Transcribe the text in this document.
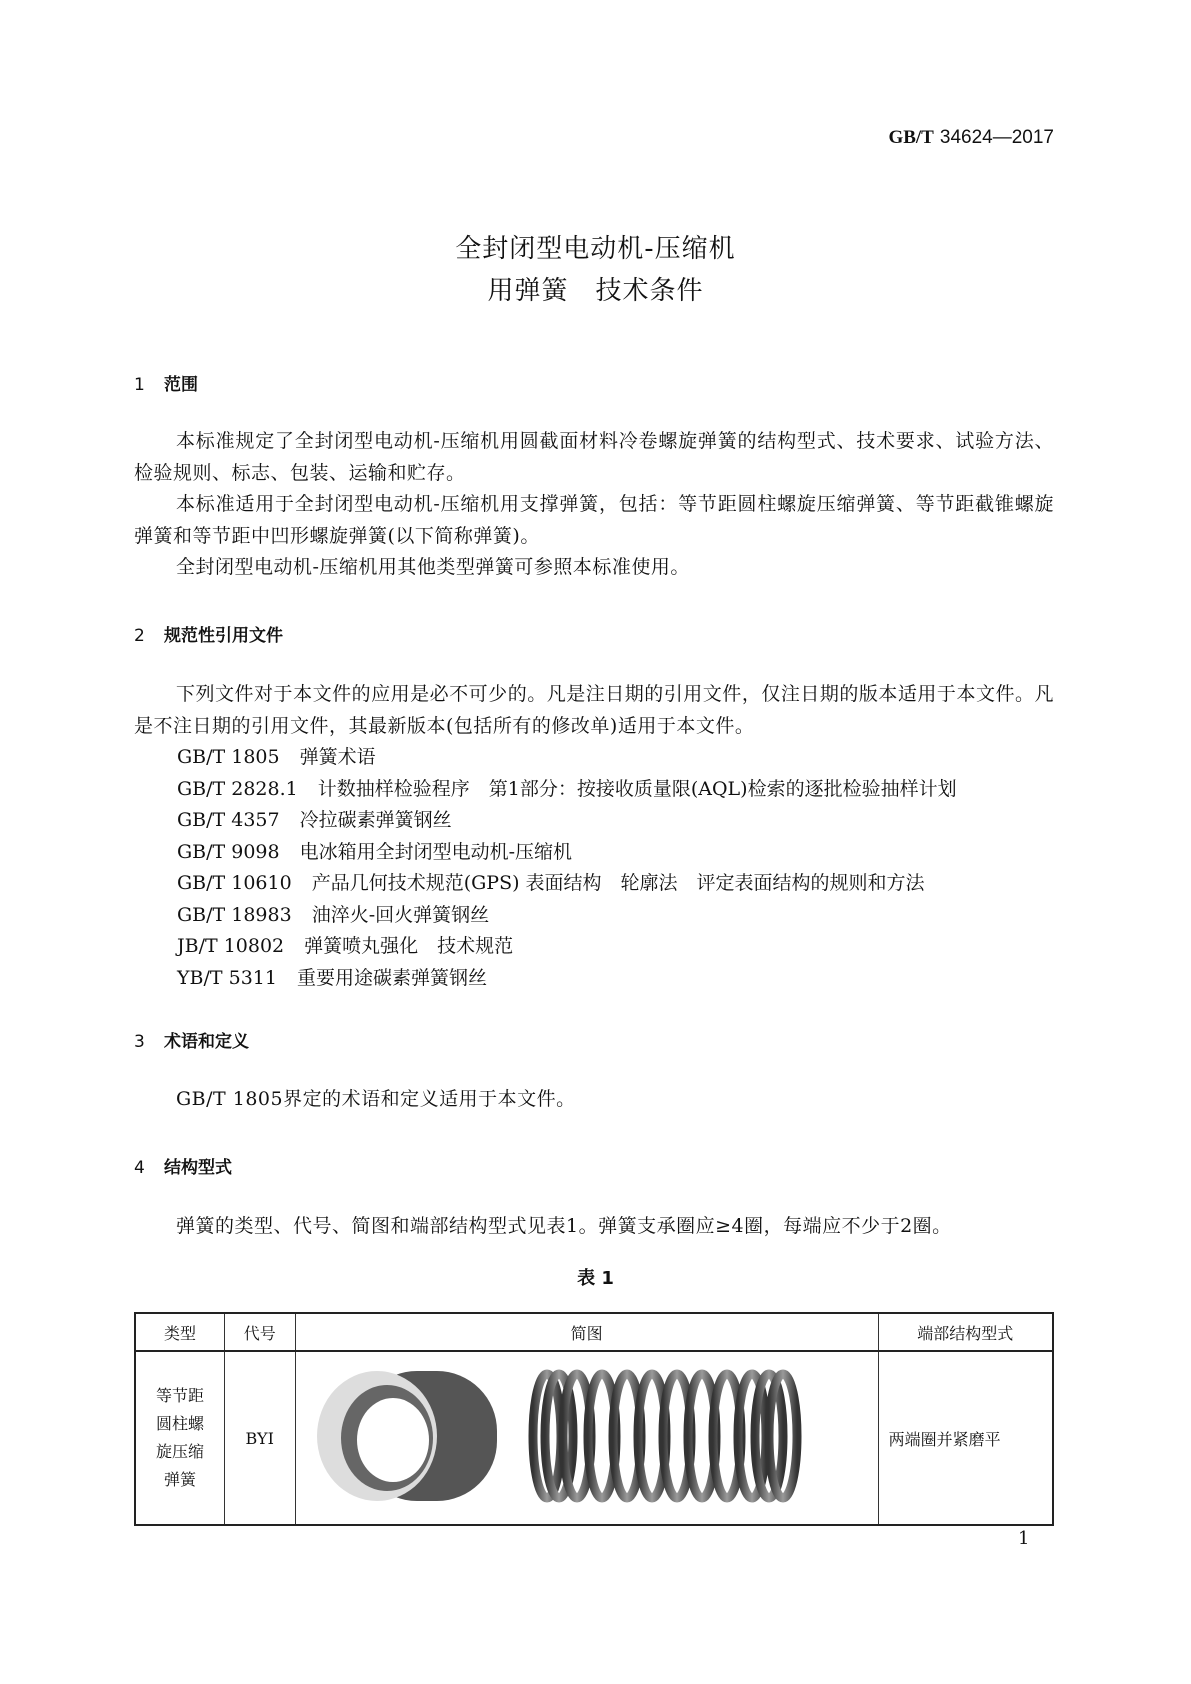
GB/T 34624—2017
全封闭型电动机-压缩机
用弹簧　技术条件
1 范围
本标准规定了全封闭型电动机-压缩机用圆截面材料冷卷螺旋弹簧的结构型式、技术要求、试验方法、检验规则、标志、包装、运输和贮存。
本标准适用于全封闭型电动机-压缩机用支撑弹簧，包括：等节距圆柱螺旋压缩弹簧、等节距截锥螺旋弹簧和等节距中凹形螺旋弹簧(以下简称弹簧)。
全封闭型电动机-压缩机用其他类型弹簧可参照本标准使用。
2 规范性引用文件
下列文件对于本文件的应用是必不可少的。凡是注日期的引用文件，仅注日期的版本适用于本文件。凡是不注日期的引用文件，其最新版本(包括所有的修改单)适用于本文件。
GB/T 1805 弹簧术语
GB/T 2828.1 计数抽样检验程序　第1部分：按接收质量限(AQL)检索的逐批检验抽样计划
GB/T 4357 冷拉碳素弹簧钢丝
GB/T 9098 电冰箱用全封闭型电动机-压缩机
GB/T 10610 产品几何技术规范(GPS) 表面结构　轮廓法　评定表面结构的规则和方法
GB/T 18983 油淬火-回火弹簧钢丝
JB/T 10802 弹簧喷丸强化　技术规范
YB/T 5311 重要用途碳素弹簧钢丝
3 术语和定义
GB/T 1805界定的术语和定义适用于本文件。
4 结构型式
弹簧的类型、代号、简图和端部结构型式见表1。弹簧支承圈应≥4圈，每端应不少于2圈。
表 1
类型	代号	简图	端部结构型式
等节距圆柱螺旋压缩弹簧	BYⅠ		两端圈并紧磨平
1
